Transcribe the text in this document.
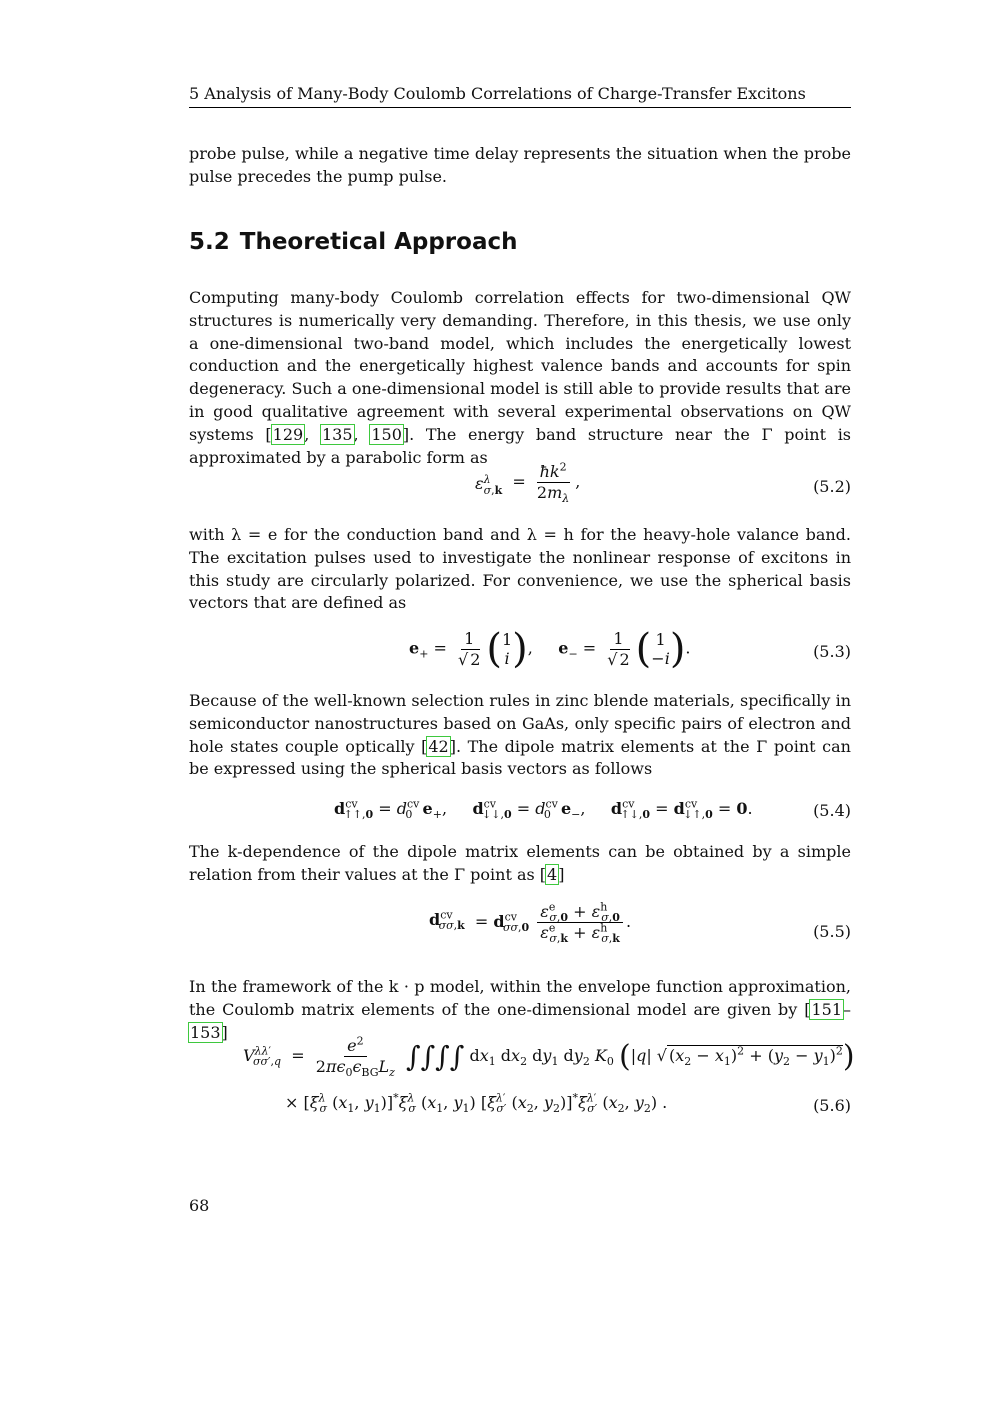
5 Analysis of Many-Body Coulomb Correlations of Charge-Transfer Excitons

probe pulse, while a negative time delay represents the situation when the probe pulse precedes the pump pulse.

5.2 Theoretical Approach

Computing many-body Coulomb correlation effects for two-dimensional QW structures is numerically very demanding. Therefore, in this thesis, we use only a one-dimensional two-band model, which includes the energetically lowest conduction and the energetically highest valence bands and accounts for spin degeneracy. Such a one-dimensional model is still able to provide results that are in good qualitative agreement with several experimental observations on QW systems [129, 135, 150]. The energy band structure near the Γ point is approximated by a parabolic form as

ε λ
$\sigma,k = \frac{ħk^2}{2m_\lambda}$ ,	(5.2)

with λ = e for the conduction band and λ = h for the heavy-hole valance band. The excitation pulses used to investigate the nonlinear response of excitons in this study are circularly polarized. For convenience, we use the spherical basis vectors that are defined as

$e_+ = \frac{1}{√ 2}$ ( 1
i ),     $e_- = \frac{1}{√ 2}$ ( 1
−i ).	(5.3)

Because of the well-known selection rules in zinc blende materials, specifically in semiconductor nanostructures based on GaAs, only specific pairs of electron and hole states couple optically [42]. The dipole matrix elements at the Γ point can be expressed using the spherical basis vectors as follows

$d^{cv}_{↑↑,0} = d^{cv}_0$ $e_+$,     $d^{cv}_{↓↓,0} = d^{cv}_0$ $e_-$,     $d^{cv}_{↑↓,0} = d^{cv}_{↓↑,0} = 0$.	(5.4)

The k-dependence of the dipole matrix elements can be obtained by a simple relation from their values at the Γ point as [4]

$d^{cv}_{\sigma\sigma,k} = d^{cv}_{\sigma\sigma,0} \frac{\varepsilon^e_{\sigma,0} + \varepsilon^h_{\sigma,0}}{\varepsilon^e_{\sigma,k} + \varepsilon^h_{\sigma,k}}$ .
(5.5)

In the framework of the k · p model, within the envelope function approximation, the Coulomb matrix elements of the one-dimensional model are given by [151–153]

$V^{\lambda\lambda'}_{\sigma\sigma',q} = \frac{e^2}{2\pi\epsilon_0\epsilon_{BG}L_z}$ ∫∫∫∫ $dx_1$ $dx_2$ $dy_1$ $dy_2$ $K_0$ (|q| √ $(x_2 - x_1)^2 + (y_2 - y_1)^2$)
× [$\xi^\lambda_\sigma$ ($x_1$, $y_1)]^*\xi^\lambda_\sigma$ ($x_1$, $y_1$) [$\xi^{\lambda'}_{\sigma'}$ ($x_2$, $y_2)]^*\xi^{\lambda'}_{\sigma'}$ ($x_2$, $y_2$) .	(5.6)
68
